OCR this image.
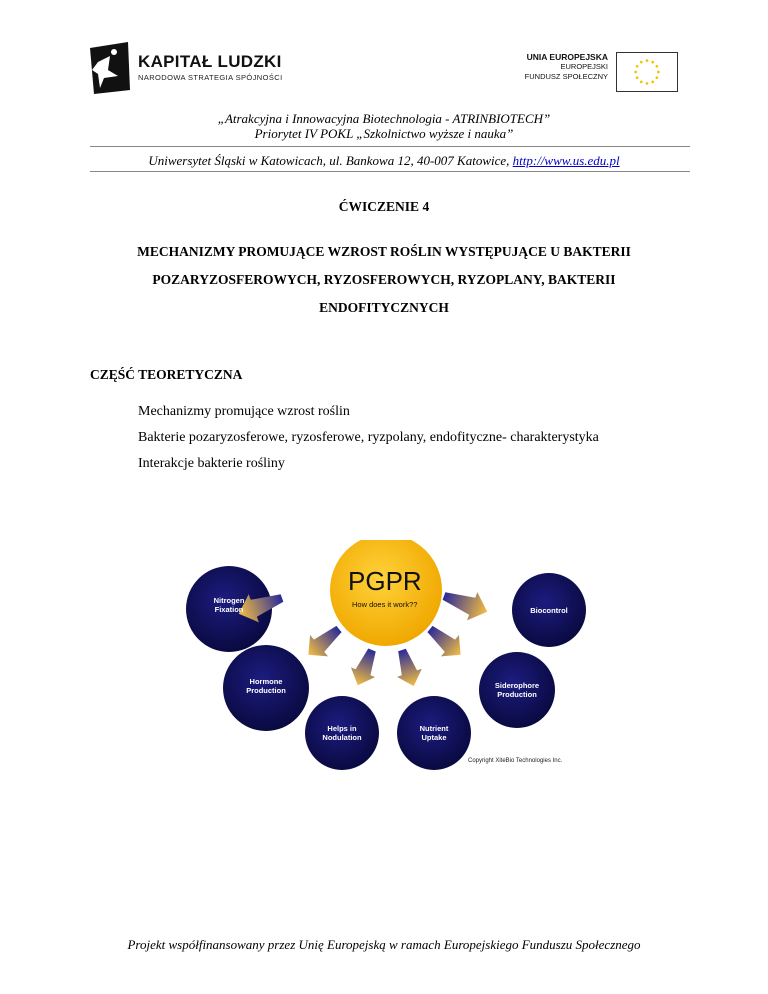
KAPITAŁ LUDZKI
NARODOWA STRATEGIA SPÓJNOŚCI
UNIA EUROPEJSKA
EUROPEJSKI
FUNDUSZ SPOŁECZNY
„Atrakcyjna i Innowacyjna Biotechnologia - ATRINBIOTECH”
Priorytet IV POKL „Szkolnictwo wyższe i nauka”
Uniwersytet Śląski w Katowicach, ul. Bankowa 12, 40-007 Katowice, http://www.us.edu.pl
ĆWICZENIE 4
MECHANIZMY PROMUJĄCE WZROST ROŚLIN WYSTĘPUJĄCE U BAKTERII
POZARYZOSFEROWYCH, RYZOSFEROWYCH, RYZOPLANY, BAKTERII
ENDOFITYCZNYCH
CZĘŚĆ TEORETYCZNA
Mechanizmy promujące wzrost roślin
Bakterie pozaryzosferowe, ryzosferowe, ryzpolany, endofityczne- charakterystyka
Interakcje bakterie rośliny
PGPR
How does it work??
Nitrogen
Fixation	Biocontrol
Hormone
Production
Siderophore
Production
Helps in
Nodulation
Nutrient
Uptake
Copyright XiteBio Technologies Inc.
Projekt współfinansowany przez Unię Europejską w ramach Europejskiego Funduszu Społecznego
